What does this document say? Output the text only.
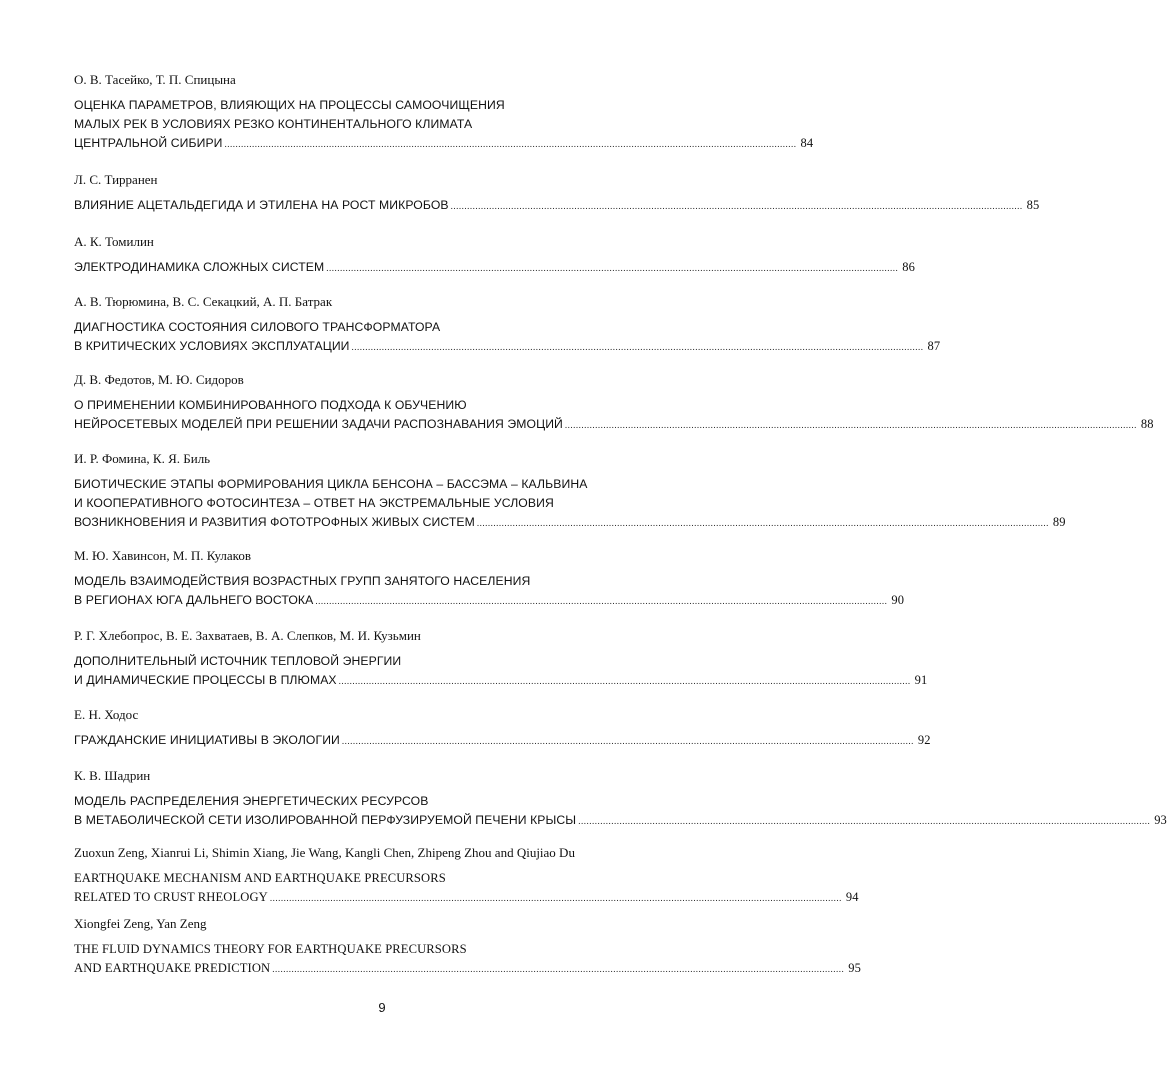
О. В. Тасейко, Т. П. Спицына
ОЦЕНКА ПАРАМЕТРОВ, ВЛИЯЮЩИХ НА ПРОЦЕССЫ САМООЧИЩЕНИЯ
МАЛЫХ РЕК В УСЛОВИЯХ РЕЗКО КОНТИНЕНТАЛЬНОГО КЛИМАТА
ЦЕНТРАЛЬНОЙ СИБИРИ ................................................................................................................................................................................................................ 84
Л. С. Тирранен
ВЛИЯНИЕ АЦЕТАЛЬДЕГИДА И ЭТИЛЕНА НА РОСТ МИКРОБОВ ................................................................................................................................................................................................................ 85
А. К. Томилин
ЭЛЕКТРОДИНАМИКА СЛОЖНЫХ СИСТЕМ ................................................................................................................................................................................................................ 86
А. В. Тюрюмина, В. С. Секацкий, А. П. Батрак
ДИАГНОСТИКА СОСТОЯНИЯ СИЛОВОГО ТРАНСФОРМАТОРА
В КРИТИЧЕСКИХ УСЛОВИЯХ ЭКСПЛУАТАЦИИ ................................................................................................................................................................................................................ 87
Д. В. Федотов, М. Ю. Сидоров
О ПРИМЕНЕНИИ КОМБИНИРОВАННОГО ПОДХОДА К ОБУЧЕНИЮ
НЕЙРОСЕТЕВЫХ МОДЕЛЕЙ ПРИ РЕШЕНИИ ЗАДАЧИ РАСПОЗНАВАНИЯ ЭМОЦИЙ ................................................................................................................................................................................................................ 88
И. Р. Фомина, К. Я. Биль
БИОТИЧЕСКИЕ ЭТАПЫ ФОРМИРОВАНИЯ ЦИКЛА БЕНСОНА – БАССЭМА – КАЛЬВИНА
И КООПЕРАТИВНОГО ФОТОСИНТЕЗА – ОТВЕТ НА ЭКСТРЕМАЛЬНЫЕ УСЛОВИЯ
ВОЗНИКНОВЕНИЯ И РАЗВИТИЯ ФОТОТРОФНЫХ ЖИВЫХ СИСТЕМ ................................................................................................................................................................................................................ 89
М. Ю. Хавинсон, М. П. Кулаков
МОДЕЛЬ ВЗАИМОДЕЙСТВИЯ ВОЗРАСТНЫХ ГРУПП ЗАНЯТОГО НАСЕЛЕНИЯ
В РЕГИОНАХ ЮГА ДАЛЬНЕГО ВОСТОКА ................................................................................................................................................................................................................ 90
Р. Г. Хлебопрос, В. Е. Захватаев, В. А. Слепков, М. И. Кузьмин
ДОПОЛНИТЕЛЬНЫЙ ИСТОЧНИК ТЕПЛОВОЙ ЭНЕРГИИ
И ДИНАМИЧЕСКИЕ ПРОЦЕССЫ В ПЛЮМАХ ................................................................................................................................................................................................................ 91
Е. Н. Ходос
ГРАЖДАНСКИЕ ИНИЦИАТИВЫ В ЭКОЛОГИИ ................................................................................................................................................................................................................ 92
К. В. Шадрин
МОДЕЛЬ РАСПРЕДЕЛЕНИЯ ЭНЕРГЕТИЧЕСКИХ РЕСУРСОВ
В МЕТАБОЛИЧЕСКОЙ СЕТИ ИЗОЛИРОВАННОЙ ПЕРФУЗИРУЕМОЙ ПЕЧЕНИ КРЫСЫ ................................................................................................................................................................................................................ 93
Zuoxun Zeng, Xianrui Li, Shimin Xiang, Jie Wang, Kangli Chen, Zhipeng Zhou and Qiujiao Du
EARTHQUAKE MECHANISM AND EARTHQUAKE PRECURSORS
RELATED TO CRUST RHEOLOGY ................................................................................................................................................................................................................ 94
Xiongfei Zeng, Yan Zeng
THE FLUID DYNAMICS THEORY FOR EARTHQUAKE PRECURSORS
AND EARTHQUAKE PREDICTION ................................................................................................................................................................................................................ 95
9
